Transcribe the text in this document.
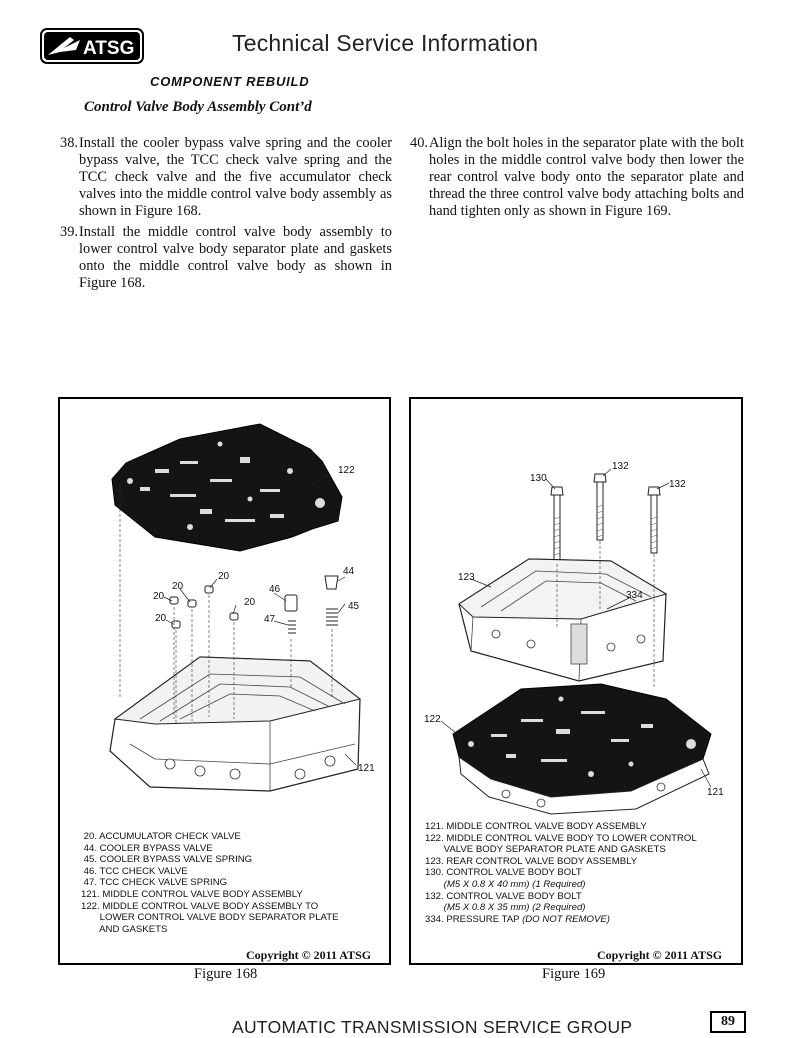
ATSG	Technical Service Information
COMPONENT REBUILD
Control Valve Body Assembly Cont’d
38. Install the cooler bypass valve spring and the cooler bypass valve, the TCC check valve spring and the TCC check valve and the five accumulator check valves into the middle control valve body assembly as shown in Figure 168.
39. Install the middle control valve body assembly to lower control valve body separator plate and gaskets onto the middle control valve body as shown in Figure 168.
40. Align the bolt holes in the separator plate with the bolt holes in the middle control valve body then lower the rear control valve body onto the separator plate and thread the three control valve body attaching bolts and hand tighten only as shown in Figure 169.
122
20
20
20
20
20
46
47
44
45
121
20. ACCUMULATOR CHECK VALVE
44. COOLER BYPASS VALVE
45. COOLER BYPASS VALVE SPRING
46. TCC CHECK VALVE
47. TCC CHECK VALVE SPRING
121. MIDDLE CONTROL VALVE BODY ASSEMBLY
122. MIDDLE CONTROL VALVE BODY ASSEMBLY TO
LOWER CONTROL VALVE BODY SEPARATOR PLATE
AND GASKETS
Copyright © 2011 ATSG
132
130
132
123
334
122
121
121. MIDDLE CONTROL VALVE BODY ASSEMBLY
122. MIDDLE CONTROL VALVE BODY TO LOWER CONTROL
VALVE BODY SEPARATOR PLATE AND GASKETS
123. REAR CONTROL VALVE BODY ASSEMBLY
130. CONTROL VALVE BODY BOLT
(M5 X 0.8 X 40 mm) (1 Required)
132. CONTROL VALVE BODY BOLT
(M5 X 0.8 X 35 mm) (2 Required)
334. PRESSURE TAP (DO NOT REMOVE)
Copyright © 2011 ATSG
Figure 168	Figure 169
AUTOMATIC TRANSMISSION SERVICE GROUP	89
